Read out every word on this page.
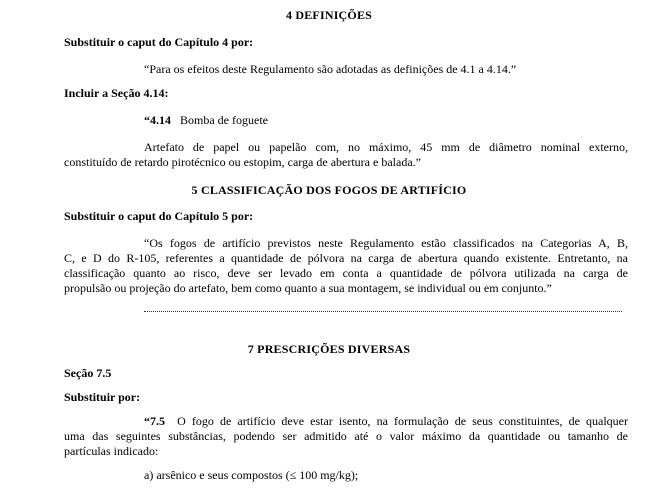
4 DEFINIÇÕES
Substituir o caput do Capítulo 4 por:
“Para os efeitos deste Regulamento são adotadas as definições de 4.1 a 4.14.”
Incluir a Seção 4.14:
“4.14 Bomba de foguete
Artefato de papel ou papelão com, no máximo, 45 mm de diâmetro nominal externo,
constituído de retardo pirotécnico ou estopim, carga de abertura e balada.”
5 CLASSIFICAÇÃO DOS FOGOS DE ARTIFÍCIO
Substituir o caput do Capítulo 5 por:
“Os fogos de artifício previstos neste Regulamento estão classificados na Categorias A, B,
C, e D do R-105, referentes a quantidade de pólvora na carga de abertura quando existente. Entretanto, na
classificação quanto ao risco, deve ser levado em conta a quantidade de pólvora utilizada na carga de
propulsão ou projeção do artefato, bem como quanto a sua montagem, se individual ou em conjunto.”
7 PRESCRIÇÕES DIVERSAS
Seção 7.5
Substituir por:
“7.5 O fogo de artifício deve estar isento, na formulação de seus constituintes, de qualquer
uma das seguintes substâncias, podendo ser admitido até o valor máximo da quantidade ou tamanho de
partículas indicado:
a) arsênico e seus compostos (≤ 100 mg/kg);
